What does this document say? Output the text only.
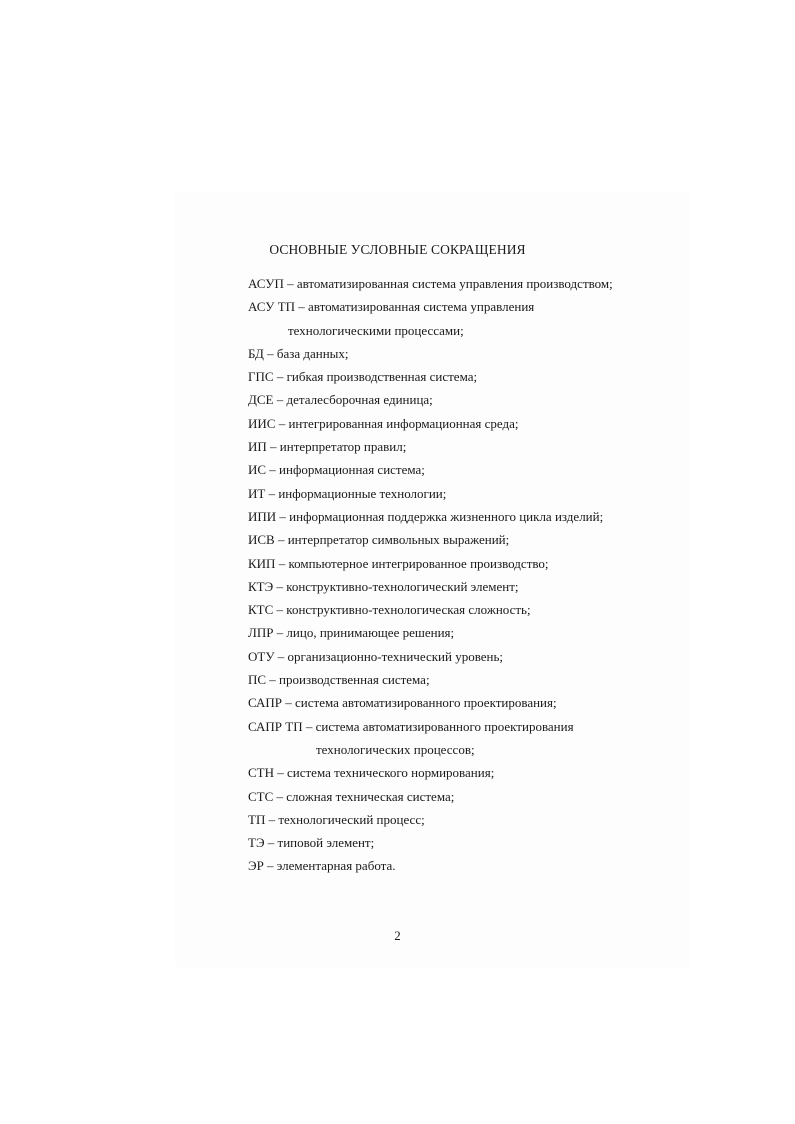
ОСНОВНЫЕ УСЛОВНЫЕ СОКРАЩЕНИЯ
АСУП – автоматизированная система управления производством;
АСУ ТП – автоматизированная система управления
технологическими процессами;
БД – база данных;
ГПС – гибкая производственная система;
ДСЕ – деталесборочная единица;
ИИС – интегрированная информационная среда;
ИП – интерпретатор правил;
ИС – информационная система;
ИТ – информационные технологии;
ИПИ – информационная поддержка жизненного цикла изделий;
ИСВ – интерпретатор символьных выражений;
КИП – компьютерное интегрированное производство;
КТЭ – конструктивно-технологический элемент;
КТС – конструктивно-технологическая сложность;
ЛПР – лицо, принимающее решения;
ОТУ – организационно-технический уровень;
ПС – производственная система;
САПР – система автоматизированного проектирования;
САПР ТП – система автоматизированного проектирования
технологических процессов;
СТН – система технического нормирования;
СТС – сложная техническая система;
ТП – технологический процесс;
ТЭ – типовой элемент;
ЭР – элементарная работа.
2
